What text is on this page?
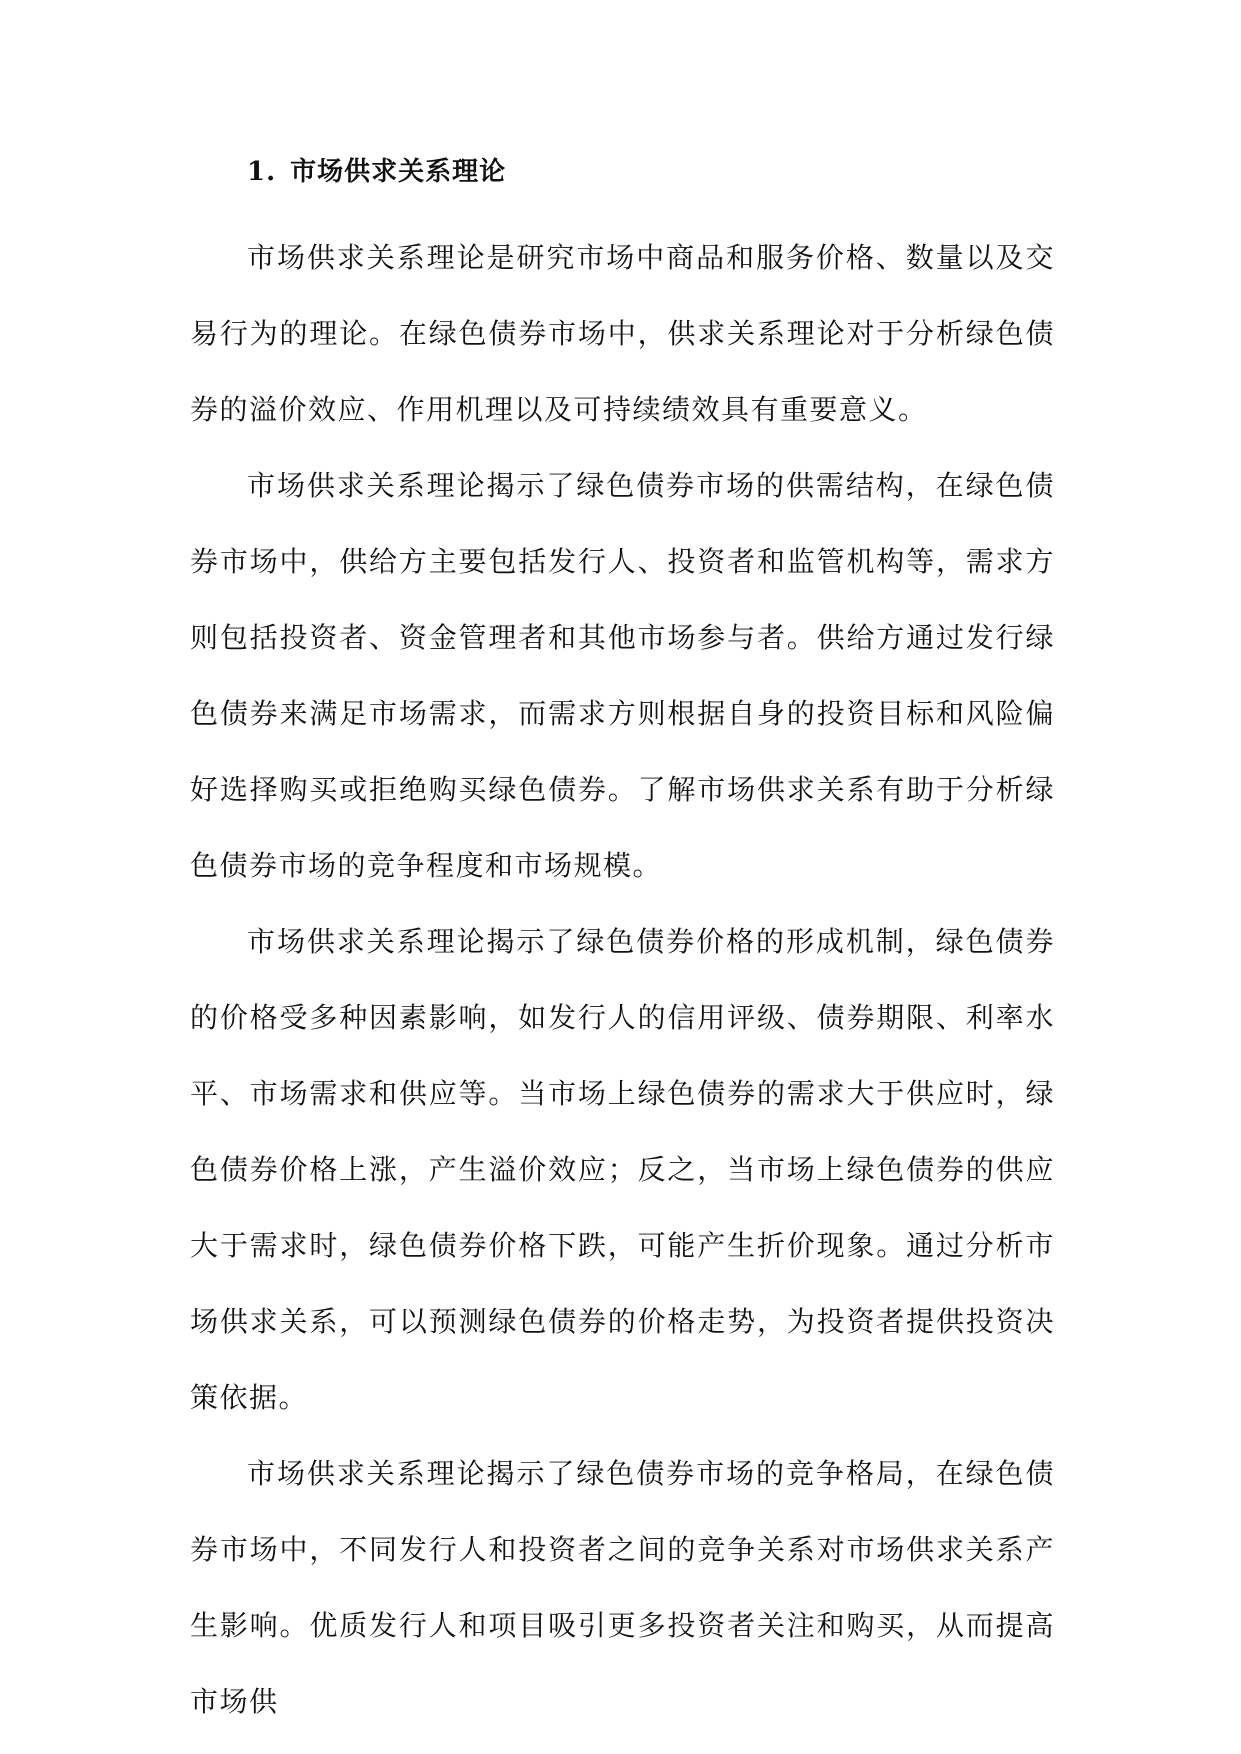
1. 市场供求关系理论

市场供求关系理论是研究市场中商品和服务价格、数量以及交易行为的理论。在绿色债券市场中，供求关系理论对于分析绿色债券的溢价效应、作用机理以及可持续绩效具有重要意义。

市场供求关系理论揭示了绿色债券市场的供需结构，在绿色债券市场中，供给方主要包括发行人、投资者和监管机构等，需求方则包括投资者、资金管理者和其他市场参与者。供给方通过发行绿色债券来满足市场需求，而需求方则根据自身的投资目标和风险偏好选择购买或拒绝购买绿色债券。了解市场供求关系有助于分析绿色债券市场的竞争程度和市场规模。

市场供求关系理论揭示了绿色债券价格的形成机制，绿色债券的价格受多种因素影响，如发行人的信用评级、债券期限、利率水平、市场需求和供应等。当市场上绿色债券的需求大于供应时，绿色债券价格上涨，产生溢价效应；反之，当市场上绿色债券的供应大于需求时，绿色债券价格下跌，可能产生折价现象。通过分析市场供求关系，可以预测绿色债券的价格走势，为投资者提供投资决策依据。

市场供求关系理论揭示了绿色债券市场的竞争格局，在绿色债券市场中，不同发行人和投资者之间的竞争关系对市场供求关系产生影响。优质发行人和项目吸引更多投资者关注和购买，从而提高市场供
